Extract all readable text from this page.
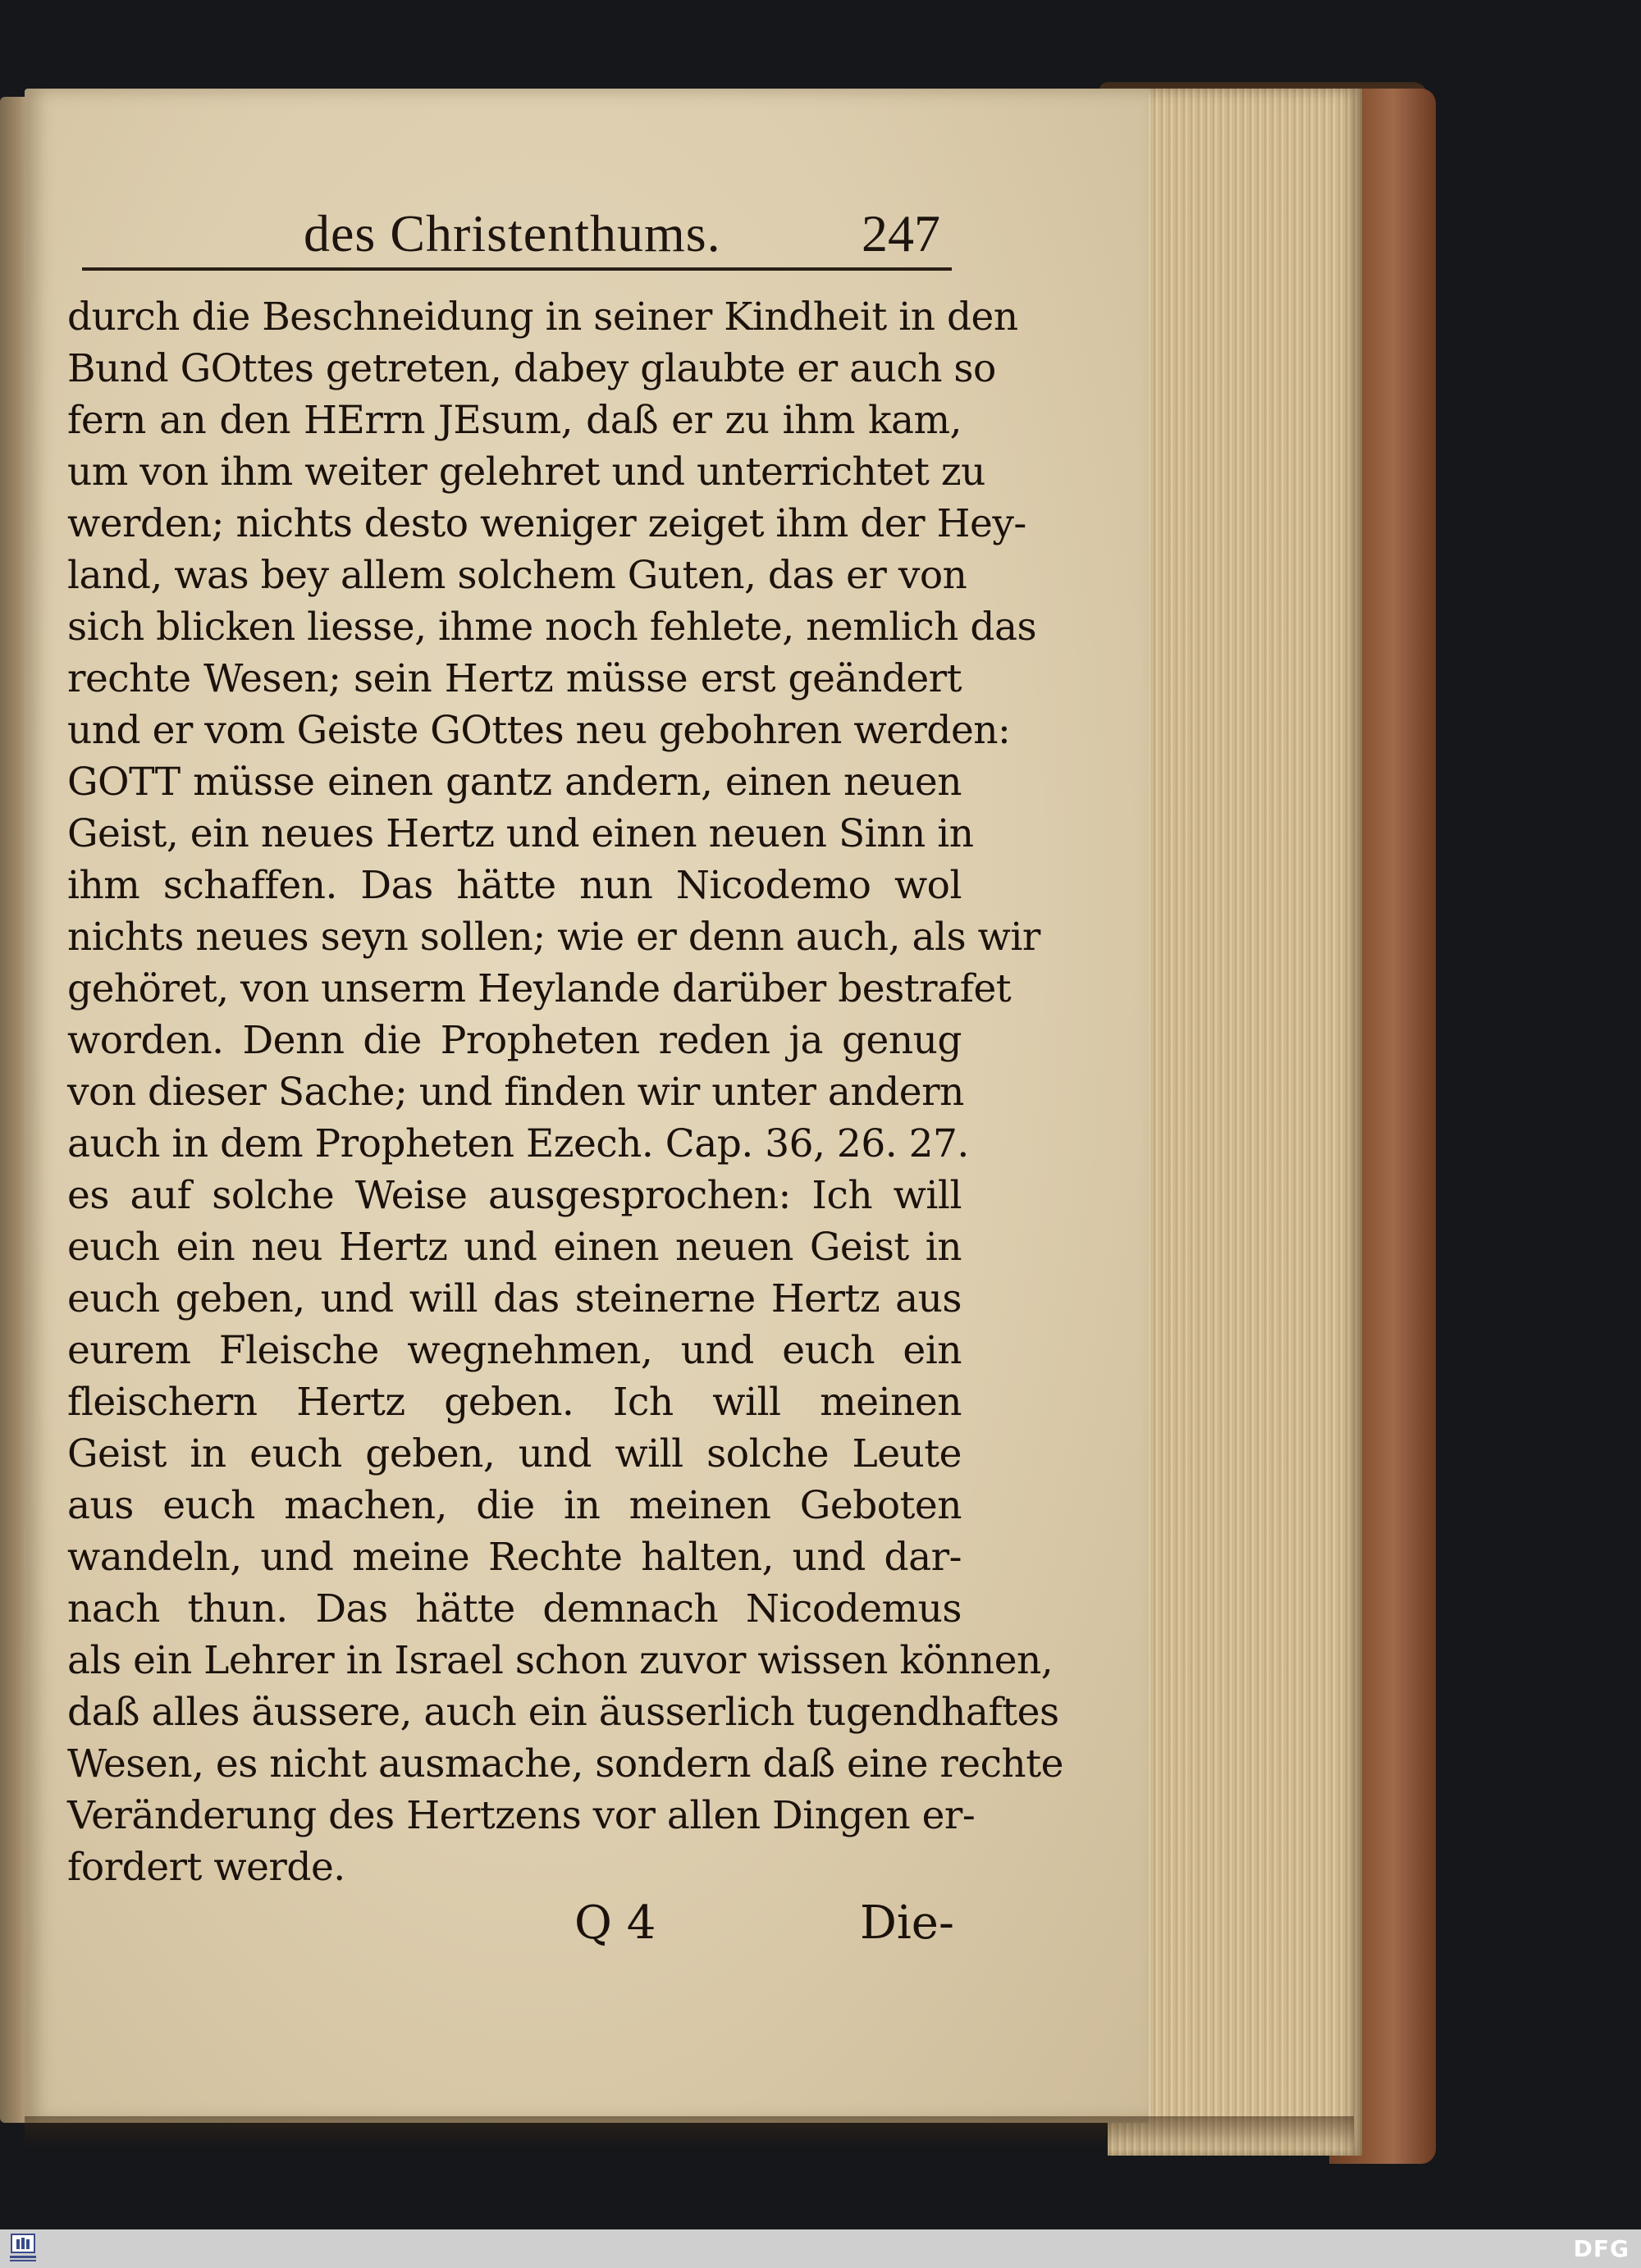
des Christenthums.	247
durch die Beschneidung in seiner Kindheit in den
Bund GOttes getreten, dabey glaubte er auch so
fern an den HErrn JEsum, daß er zu ihm kam,
um von ihm weiter gelehret und unterrichtet zu
werden; nichts desto weniger zeiget ihm der Hey-
land, was bey allem solchem Guten, das er von
sich blicken liesse, ihme noch fehlete, nemlich das
rechte Wesen; sein Hertz müsse erst geändert
und er vom Geiste GOttes neu gebohren werden:
GOTT müsse einen gantz andern, einen neuen
Geist, ein neues Hertz und einen neuen Sinn in
ihm schaffen. Das hätte nun Nicodemo wol
nichts neues seyn sollen; wie er denn auch, als wir
gehöret, von unserm Heylande darüber bestrafet
worden. Denn die Propheten reden ja genug
von dieser Sache; und finden wir unter andern
auch in dem Propheten Ezech. Cap. 36, 26. 27.
es auf solche Weise ausgesprochen: Ich will
euch ein neu Hertz und einen neuen Geist in
euch geben, und will das steinerne Hertz aus
eurem Fleische wegnehmen, und euch ein
fleischern Hertz geben. Ich will meinen
Geist in euch geben, und will solche Leute
aus euch machen, die in meinen Geboten
wandeln, und meine Rechte halten, und dar-
nach thun. Das hätte demnach Nicodemus
als ein Lehrer in Israel schon zuvor wissen können,
daß alles äussere, auch ein äusserlich tugendhaftes
Wesen, es nicht ausmache, sondern daß eine rechte
Veränderung des Hertzens vor allen Dingen er-
fordert werde.
Q 4	Die-
DFG
